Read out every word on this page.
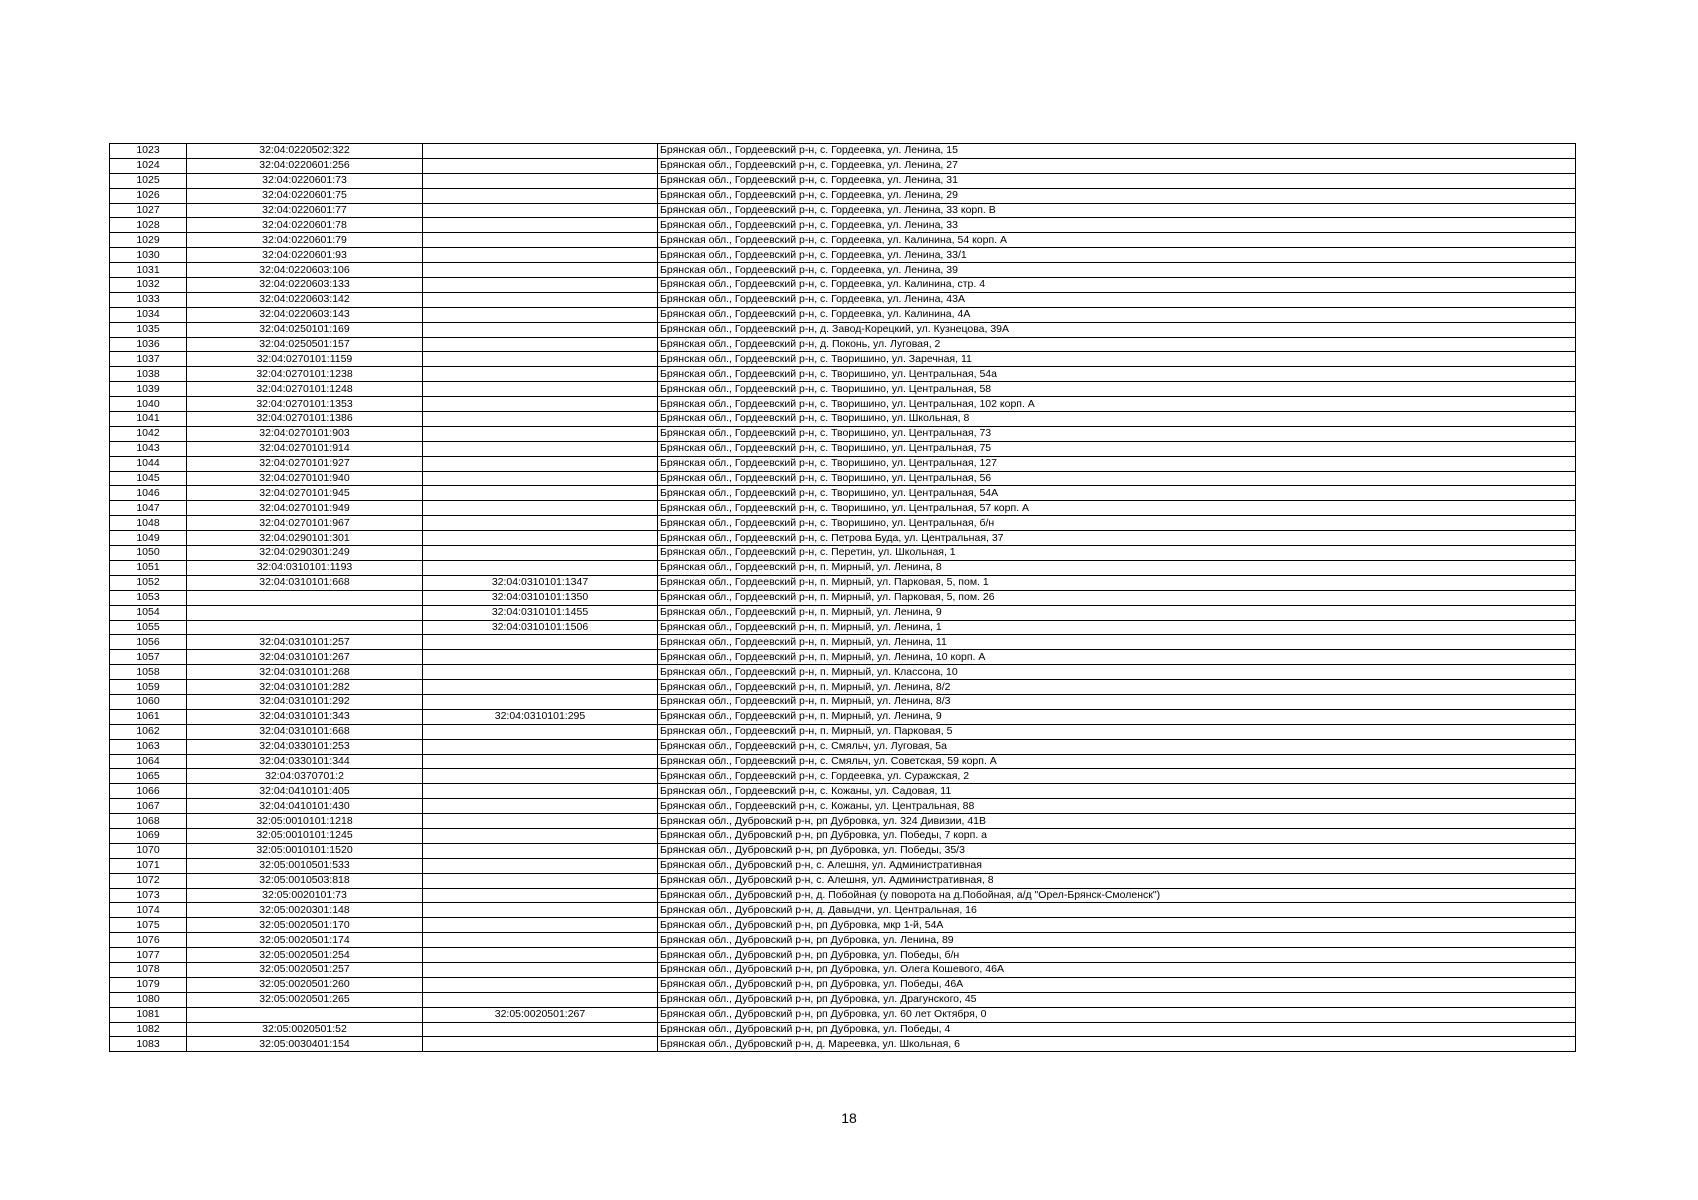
1023	32:04:0220502:322		Брянская обл., Гордеевский р-н, с. Гордеевка, ул. Ленина, 15
1024	32:04:0220601:256		Брянская обл., Гордеевский р-н, с. Гордеевка, ул. Ленина, 27
1025	32:04:0220601:73		Брянская обл., Гордеевский р-н, с. Гордеевка, ул. Ленина, 31
1026	32:04:0220601:75		Брянская обл., Гордеевский р-н, с. Гордеевка, ул. Ленина, 29
1027	32:04:0220601:77		Брянская обл., Гордеевский р-н, с. Гордеевка, ул. Ленина, 33 корп. В
1028	32:04:0220601:78		Брянская обл., Гордеевский р-н, с. Гордеевка, ул. Ленина, 33
1029	32:04:0220601:79		Брянская обл., Гордеевский р-н, с. Гордеевка, ул. Калинина, 54 корп. А
1030	32:04:0220601:93		Брянская обл., Гордеевский р-н, с. Гордеевка, ул. Ленина, 33/1
1031	32:04:0220603:106		Брянская обл., Гордеевский р-н, с. Гордеевка, ул. Ленина, 39
1032	32:04:0220603:133		Брянская обл., Гордеевский р-н, с. Гордеевка, ул. Калинина, стр. 4
1033	32:04:0220603:142		Брянская обл., Гордеевский р-н, с. Гордеевка, ул. Ленина, 43А
1034	32:04:0220603:143		Брянская обл., Гордеевский р-н, с. Гордеевка, ул. Калинина, 4А
1035	32:04:0250101:169		Брянская обл., Гордеевский р-н, д. Завод-Корецкий, ул. Кузнецова, 39А
1036	32:04:0250501:157		Брянская обл., Гордеевский р-н, д. Поконь, ул. Луговая, 2
1037	32:04:0270101:1159		Брянская обл., Гордеевский р-н, с. Творишино, ул. Заречная, 11
1038	32:04:0270101:1238		Брянская обл., Гордеевский р-н, с. Творишино, ул. Центральная, 54а
1039	32:04:0270101:1248		Брянская обл., Гордеевский р-н, с. Творишино, ул. Центральная, 58
1040	32:04:0270101:1353		Брянская обл., Гордеевский р-н, с. Творишино, ул. Центральная, 102 корп. А
1041	32:04:0270101:1386		Брянская обл., Гордеевский р-н, с. Творишино, ул. Школьная, 8
1042	32:04:0270101:903		Брянская обл., Гордеевский р-н, с. Творишино, ул. Центральная, 73
1043	32:04:0270101:914		Брянская обл., Гордеевский р-н, с. Творишино, ул. Центральная, 75
1044	32:04:0270101:927		Брянская обл., Гордеевский р-н, с. Творишино, ул. Центральная, 127
1045	32:04:0270101:940		Брянская обл., Гордеевский р-н, с. Творишино, ул. Центральная, 56
1046	32:04:0270101:945		Брянская обл., Гордеевский р-н, с. Творишино, ул. Центральная, 54А
1047	32:04:0270101:949		Брянская обл., Гордеевский р-н, с. Творишино, ул. Центральная, 57 корп. А
1048	32:04:0270101:967		Брянская обл., Гордеевский р-н, с. Творишино, ул. Центральная, б/н
1049	32:04:0290101:301		Брянская обл., Гордеевский р-н, с. Петрова Буда, ул. Центральная, 37
1050	32:04:0290301:249		Брянская обл., Гордеевский р-н, с. Перетин, ул. Школьная, 1
1051	32:04:0310101:1193		Брянская обл., Гордеевский р-н, п. Мирный, ул. Ленина, 8
1052	32:04:0310101:668	32:04:0310101:1347	Брянская обл., Гордеевский р-н, п. Мирный, ул. Парковая, 5, пом. 1
1053		32:04:0310101:1350	Брянская обл., Гордеевский р-н, п. Мирный, ул. Парковая, 5, пом. 26
1054		32:04:0310101:1455	Брянская обл., Гордеевский р-н, п. Мирный, ул. Ленина, 9
1055		32:04:0310101:1506	Брянская обл., Гордеевский р-н, п. Мирный, ул. Ленина, 1
1056	32:04:0310101:257		Брянская обл., Гордеевский р-н, п. Мирный, ул. Ленина, 11
1057	32:04:0310101:267		Брянская обл., Гордеевский р-н, п. Мирный, ул. Ленина, 10 корп. А
1058	32:04:0310101:268		Брянская обл., Гордеевский р-н, п. Мирный, ул. Классона, 10
1059	32:04:0310101:282		Брянская обл., Гордеевский р-н, п. Мирный, ул. Ленина, 8/2
1060	32:04:0310101:292		Брянская обл., Гордеевский р-н, п. Мирный, ул. Ленина, 8/3
1061	32:04:0310101:343	32:04:0310101:295	Брянская обл., Гордеевский р-н, п. Мирный, ул. Ленина, 9
1062	32:04:0310101:668		Брянская обл., Гордеевский р-н, п. Мирный, ул. Парковая, 5
1063	32:04:0330101:253		Брянская обл., Гордеевский р-н, с. Смяльч, ул. Луговая, 5а
1064	32:04:0330101:344		Брянская обл., Гордеевский р-н, с. Смяльч, ул. Советская, 59 корп. А
1065	32:04:0370701:2		Брянская обл., Гордеевский р-н, с. Гордеевка, ул. Суражская, 2
1066	32:04:0410101:405		Брянская обл., Гордеевский р-н, с. Кожаны, ул. Садовая, 11
1067	32:04:0410101:430		Брянская обл., Гордеевский р-н, с. Кожаны, ул. Центральная, 88
1068	32:05:0010101:1218		Брянская обл., Дубровский р-н, рп Дубровка, ул. 324 Дивизии, 41В
1069	32:05:0010101:1245		Брянская обл., Дубровский р-н, рп Дубровка, ул. Победы, 7 корп. а
1070	32:05:0010101:1520		Брянская обл., Дубровский р-н, рп Дубровка, ул. Победы, 35/3
1071	32:05:0010501:533		Брянская обл., Дубровский р-н, с. Алешня, ул. Административная
1072	32:05:0010503:818		Брянская обл., Дубровский р-н, с. Алешня, ул. Административная, 8
1073	32:05:0020101:73		Брянская обл., Дубровский р-н, д. Побойная (у поворота на д.Побойная, а/д "Орел-Брянск-Смоленск")
1074	32:05:0020301:148		Брянская обл., Дубровский р-н, д. Давыдчи, ул. Центральная, 16
1075	32:05:0020501:170		Брянская обл., Дубровский р-н, рп Дубровка, мкр 1-й, 54А
1076	32:05:0020501:174		Брянская обл., Дубровский р-н, рп Дубровка, ул. Ленина, 89
1077	32:05:0020501:254		Брянская обл., Дубровский р-н, рп Дубровка, ул. Победы, б/н
1078	32:05:0020501:257		Брянская обл., Дубровский р-н, рп Дубровка, ул. Олега Кошевого, 46А
1079	32:05:0020501:260		Брянская обл., Дубровский р-н, рп Дубровка, ул. Победы, 46А
1080	32:05:0020501:265		Брянская обл., Дубровский р-н, рп Дубровка, ул. Драгунского, 45
1081		32:05:0020501:267	Брянская обл., Дубровский р-н, рп Дубровка, ул. 60 лет Октября, 0
1082	32:05:0020501:52		Брянская обл., Дубровский р-н, рп Дубровка, ул. Победы, 4
1083	32:05:0030401:154		Брянская обл., Дубровский р-н, д. Мареевка, ул. Школьная, 6
18
